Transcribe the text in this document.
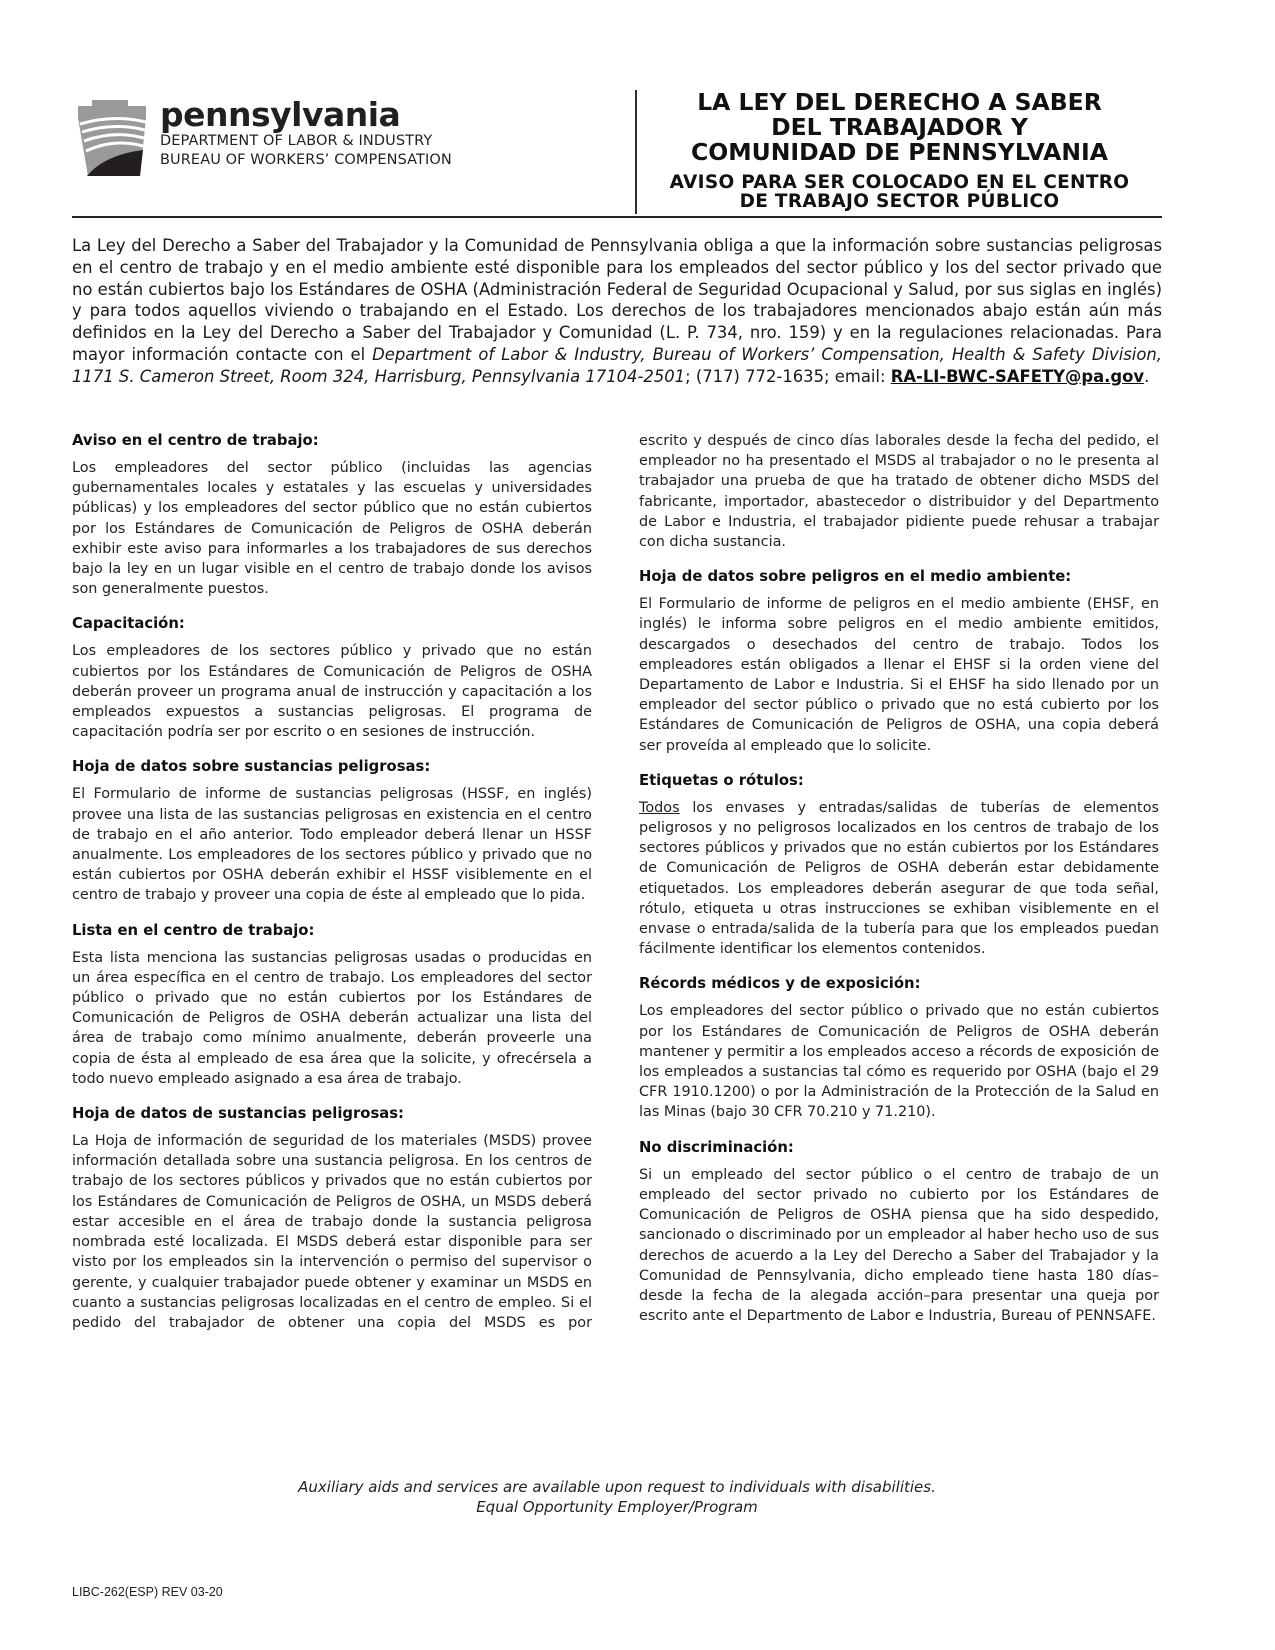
pennsylvania
DEPARTMENT OF LABOR & INDUSTRY
BUREAU OF WORKERS’ COMPENSATION
LA LEY DEL DERECHO A SABER
DEL TRABAJADOR Y
COMUNIDAD DE PENNSYLVANIA
AVISO PARA SER COLOCADO EN EL CENTRO
DE TRABAJO SECTOR PÚBLICO
La Ley del Derecho a Saber del Trabajador y la Comunidad de Pennsylvania obliga a que la información sobre sustancias peligrosas en el centro de trabajo y en el medio ambiente esté disponible para los empleados del sector público y los del sector privado que no están cubiertos bajo los Estándares de OSHA (Administración Federal de Seguridad Ocupacional y Salud, por sus siglas en inglés) y para todos aquellos viviendo o trabajando en el Estado. Los derechos de los trabajadores mencionados abajo están aún más definidos en la Ley del Derecho a Saber del Trabajador y Comunidad (L. P. 734, nro. 159) y en la regulaciones relacionadas. Para mayor información contacte con el Department of Labor & Industry, Bureau of Workers’ Compensation, Health & Safety Division, 1171 S. Cameron Street, Room 324, Harrisburg, Pennsylvania 17104-2501; (717) 772-1635; email: RA-LI-BWC-SAFETY@pa.gov.
Aviso en el centro de trabajo:

Los empleadores del sector público (incluidas las agencias gubernamentales locales y estatales y las escuelas y universidades públicas) y los empleadores del sector público que no están cubiertos por los Estándares de Comunicación de Peligros de OSHA deberán exhibir este aviso para informarles a los trabajadores de sus derechos bajo la ley en un lugar visible en el centro de trabajo donde los avisos son generalmente puestos.

Capacitación:

Los empleadores de los sectores público y privado que no están cubiertos por los Estándares de Comunicación de Peligros de OSHA deberán proveer un programa anual de instrucción y capacitación a los empleados expuestos a sustancias peligrosas. El programa de capacitación podría ser por escrito o en sesiones de instrucción.

Hoja de datos sobre sustancias peligrosas:

El Formulario de informe de sustancias peligrosas (HSSF, en inglés) provee una lista de las sustancias peligrosas en existencia en el centro de trabajo en el año anterior. Todo empleador deberá llenar un HSSF anualmente. Los empleadores de los sectores público y privado que no están cubiertos por OSHA deberán exhibir el HSSF visiblemente en el centro de trabajo y proveer una copia de éste al empleado que lo pida.

Lista en el centro de trabajo:

Esta lista menciona las sustancias peligrosas usadas o producidas en un área específica en el centro de trabajo. Los empleadores del sector público o privado que no están cubiertos por los Estándares de Comunicación de Peligros de OSHA deberán actualizar una lista del área de trabajo como mínimo anualmente, deberán proveerle una copia de ésta al empleado de esa área que la solicite, y ofrecérsela a todo nuevo empleado asignado a esa área de trabajo.

Hoja de datos de sustancias peligrosas:

La Hoja de información de seguridad de los materiales (MSDS) provee información detallada sobre una sustancia peligrosa. En los centros de trabajo de los sectores públicos y privados que no están cubiertos por los Estándares de Comunicación de Peligros de OSHA, un MSDS deberá estar accesible en el área de trabajo donde la sustancia peligrosa nombrada esté localizada. El MSDS deberá estar disponible para ser visto por los empleados sin la intervención o permiso del supervisor o gerente, y cualquier trabajador puede obtener y examinar un MSDS en cuanto a sustancias peligrosas localizadas en el centro de empleo. Si el pedido del trabajador de obtener una copia del MSDS es por

escrito y después de cinco días laborales desde la fecha del pedido, el empleador no ha presentado el MSDS al trabajador o no le presenta al trabajador una prueba de que ha tratado de obtener dicho MSDS del fabricante, importador, abastecedor o distribuidor y del Departmento de Labor e Industria, el trabajador pidiente puede rehusar a trabajar con dicha sustancia.

Hoja de datos sobre peligros en el medio ambiente:

El Formulario de informe de peligros en el medio ambiente (EHSF, en inglés) le informa sobre peligros en el medio ambiente emitidos, descargados o desechados del centro de trabajo. Todos los empleadores están obligados a llenar el EHSF si la orden viene del Departamento de Labor e Industria. Si el EHSF ha sido llenado por un empleador del sector público o privado que no está cubierto por los Estándares de Comunicación de Peligros de OSHA, una copia deberá ser proveída al empleado que lo solicite.

Etiquetas o rótulos:

Todos los envases y entradas/salidas de tuberías de elementos peligrosos y no peligrosos localizados en los centros de trabajo de los sectores públicos y privados que no están cubiertos por los Estándares de Comunicación de Peligros de OSHA deberán estar debidamente etiquetados. Los empleadores deberán asegurar de que toda señal, rótulo, etiqueta u otras instrucciones se exhiban visiblemente en el envase o entrada/salida de la tubería para que los empleados puedan fácilmente identificar los elementos contenidos.

Récords médicos y de exposición:

Los empleadores del sector público o privado que no están cubiertos por los Estándares de Comunicación de Peligros de OSHA deberán mantener y permitir a los empleados acceso a récords de exposición de los empleados a sustancias tal cómo es requerido por OSHA (bajo el 29 CFR 1910.1200) o por la Administración de la Protección de la Salud en las Minas (bajo 30 CFR 70.210 y 71.210).

No discriminación:

Si un empleado del sector público o el centro de trabajo de un empleado del sector privado no cubierto por los Estándares de Comunicación de Peligros de OSHA piensa que ha sido despedido, sancionado o discriminado por un empleador al haber hecho uso de sus derechos de acuerdo a la Ley del Derecho a Saber del Trabajador y la Comunidad de Pennsylvania, dicho empleado tiene hasta 180 días–desde la fecha de la alegada acción–para presentar una queja por escrito ante el Departmento de Labor e Industria, Bureau of PENNSAFE.

Auxiliary aids and services are available upon request to individuals with disabilities.
Equal Opportunity Employer/Program
LIBC-262(ESP) REV 03-20
